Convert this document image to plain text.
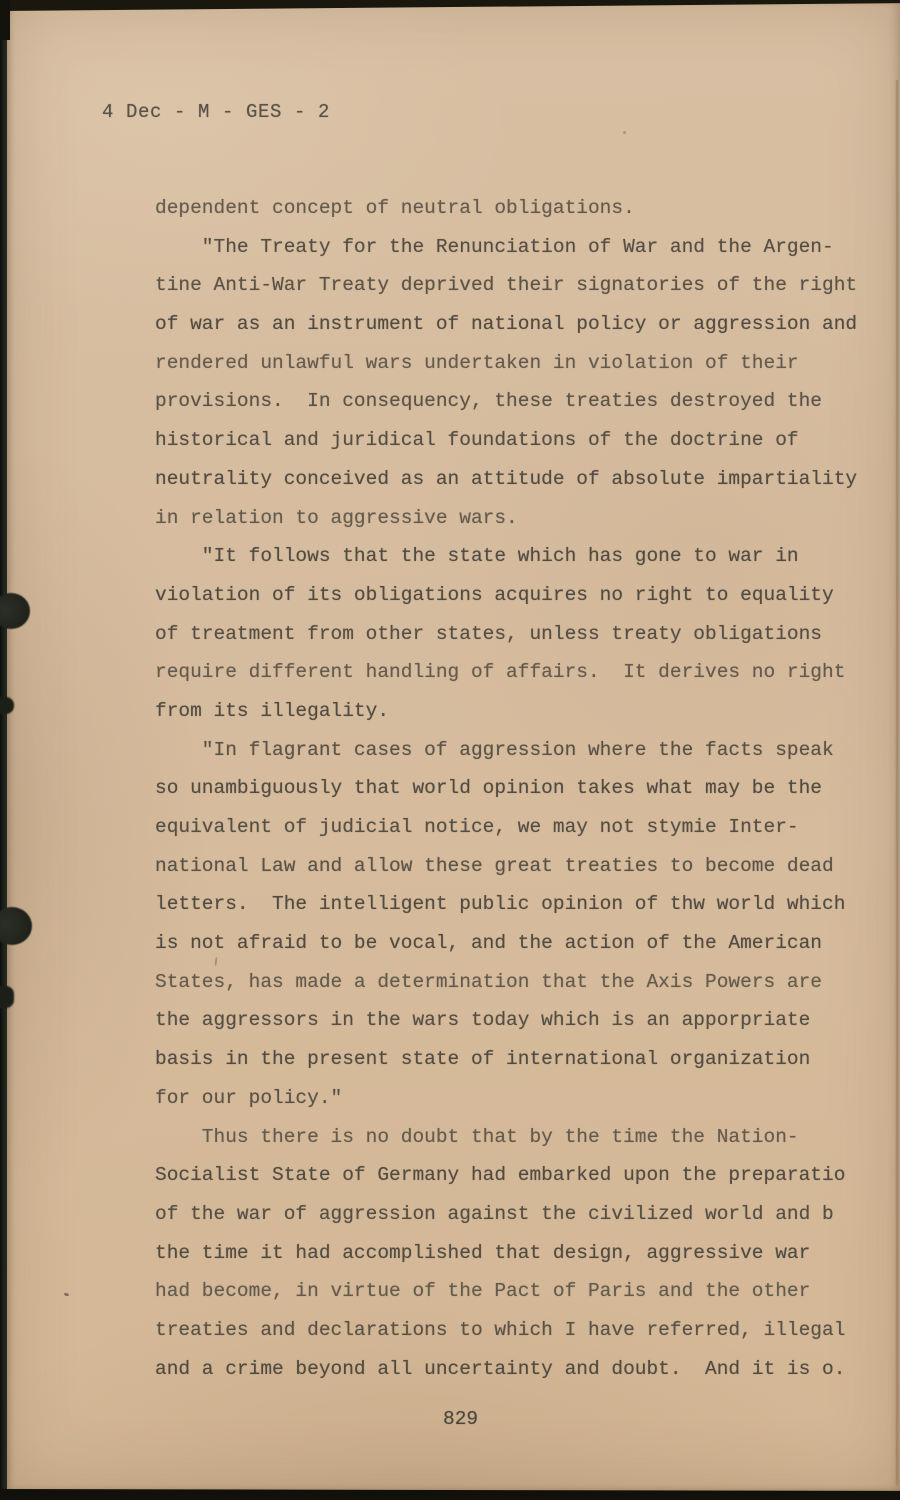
4 Dec - M - GES - 2
dependent concept of neutral obligations.
"The Treaty for the Renunciation of War and the Argen-
tine Anti-War Treaty deprived their signatories of the right
of war as an instrument of national policy or aggression and
rendered unlawful wars undertaken in violation of their
provisions.  In consequency, these treaties destroyed the
historical and juridical foundations of the doctrine of
neutrality conceived as an attitude of absolute impartiality
in relation to aggressive wars.
"It follows that the state which has gone to war in
violation of its obligations acquires no right to equality
of treatment from other states, unless treaty obligations
require different handling of affairs.  It derives no right
from its illegality.
"In flagrant cases of aggression where the facts speak
so unambiguously that world opinion takes what may be the
equivalent of judicial notice, we may not stymie Inter-
national Law and allow these great treaties to become dead
letters.  The intelligent public opinion of thw world which
is not afraid to be vocal, and the action of the American
States, has made a determination that the Axis Powers are
the aggressors in the wars today which is an apporpriate
basis in the present state of international organization
for our policy."
Thus there is no doubt that by the time the Nation-
Socialist State of Germany had embarked upon the preparatio
of the war of aggression against the civilized world and b
the time it had accomplished that design, aggressive war
had become, in virtue of the Pact of Paris and the other
treaties and declarations to which I have referred, illegal
and a crime beyond all uncertainty and doubt.  And it is o.
829
